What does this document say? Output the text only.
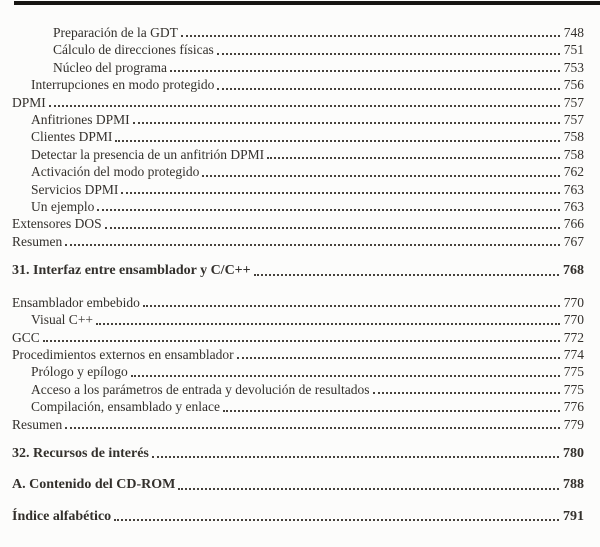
Preparación de la GDT	748
Cálculo de direcciones físicas	751
Núcleo del programa	753
Interrupciones en modo protegido	756
DPMI	757
Anfitriones DPMI	757
Clientes DPMI	758
Detectar la presencia de un anfitrión DPMI	758
Activación del modo protegido	762
Servicios DPMI	763
Un ejemplo	763
Extensores DOS	766
Resumen	767
31. Interfaz entre ensamblador y C/C++	768
Ensamblador embebido	770
Visual C++	770
GCC	772
Procedimientos externos en ensamblador	774
Prólogo y epílogo	775
Acceso a los parámetros de entrada y devolución de resultados	775
Compilación, ensamblado y enlace	776
Resumen	779
32. Recursos de interés	780
A. Contenido del CD-ROM	788
Índice alfabético	791
